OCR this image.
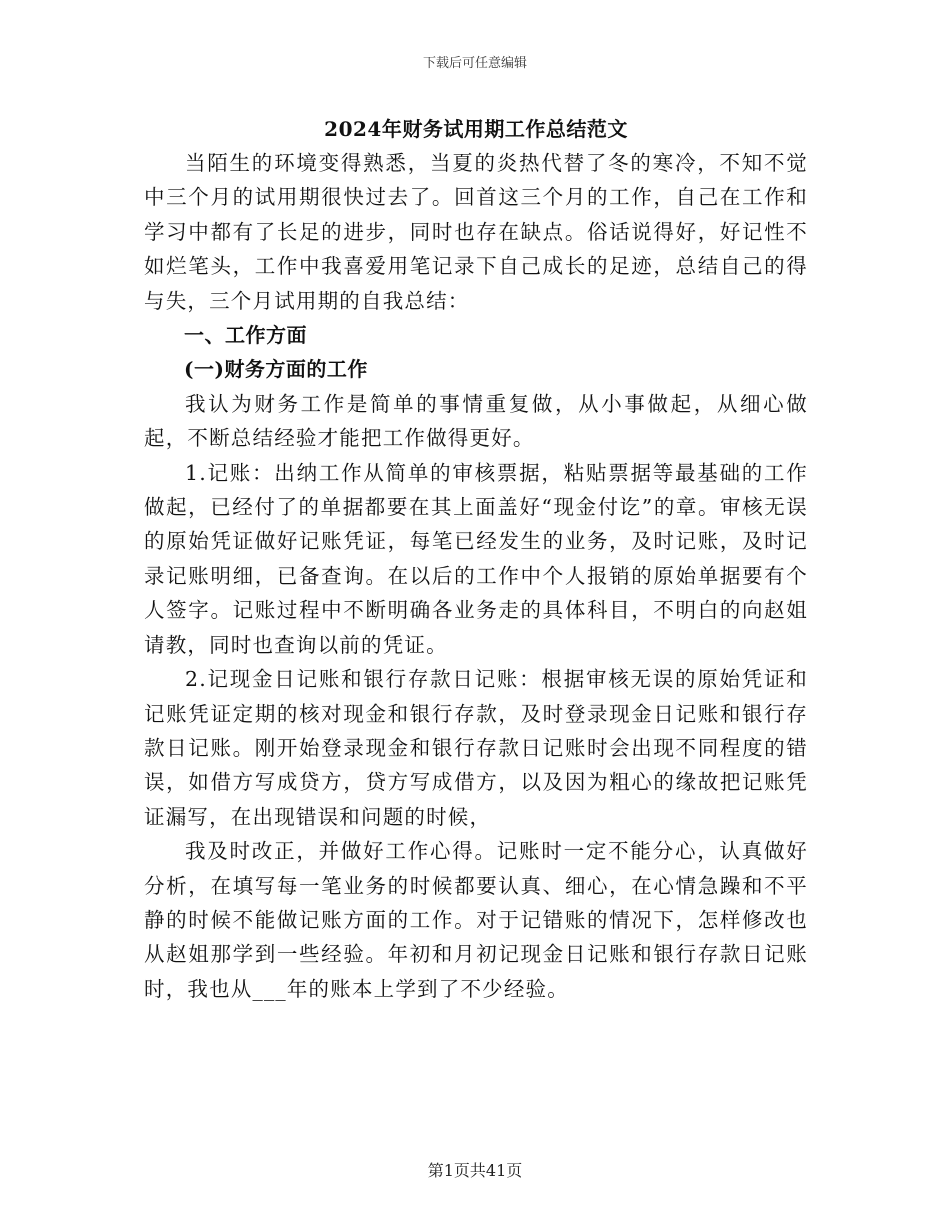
下载后可任意编辑
2024年财务试用期工作总结范文

当陌生的环境变得熟悉，当夏的炎热代替了冬的寒冷，不知不觉中三个月的试用期很快过去了。回首这三个月的工作，自己在工作和学习中都有了长足的进步，同时也存在缺点。俗话说得好，好记性不如烂笔头，工作中我喜爱用笔记录下自己成长的足迹，总结自己的得与失，三个月试用期的自我总结：

一、工作方面

(一)财务方面的工作

我认为财务工作是简单的事情重复做，从小事做起，从细心做起，不断总结经验才能把工作做得更好。

1.记账：出纳工作从简单的审核票据，粘贴票据等最基础的工作做起，已经付了的单据都要在其上面盖好“现金付讫”的章。审核无误的原始凭证做好记账凭证，每笔已经发生的业务，及时记账，及时记录记账明细，已备查询。在以后的工作中个人报销的原始单据要有个人签字。记账过程中不断明确各业务走的具体科目，不明白的向赵姐请教，同时也查询以前的凭证。

2.记现金日记账和银行存款日记账：根据审核无误的原始凭证和记账凭证定期的核对现金和银行存款，及时登录现金日记账和银行存款日记账。刚开始登录现金和银行存款日记账时会出现不同程度的错误，如借方写成贷方，贷方写成借方，以及因为粗心的缘故把记账凭证漏写，在出现错误和问题的时候，

我及时改正，并做好工作心得。记账时一定不能分心，认真做好分析，在填写每一笔业务的时候都要认真、细心，在心情急躁和不平静的时候不能做记账方面的工作。对于记错账的情况下，怎样修改也从赵姐那学到一些经验。年初和月初记现金日记账和银行存款日记账时，我也从___年的账本上学到了不少经验。

第1页共41页
